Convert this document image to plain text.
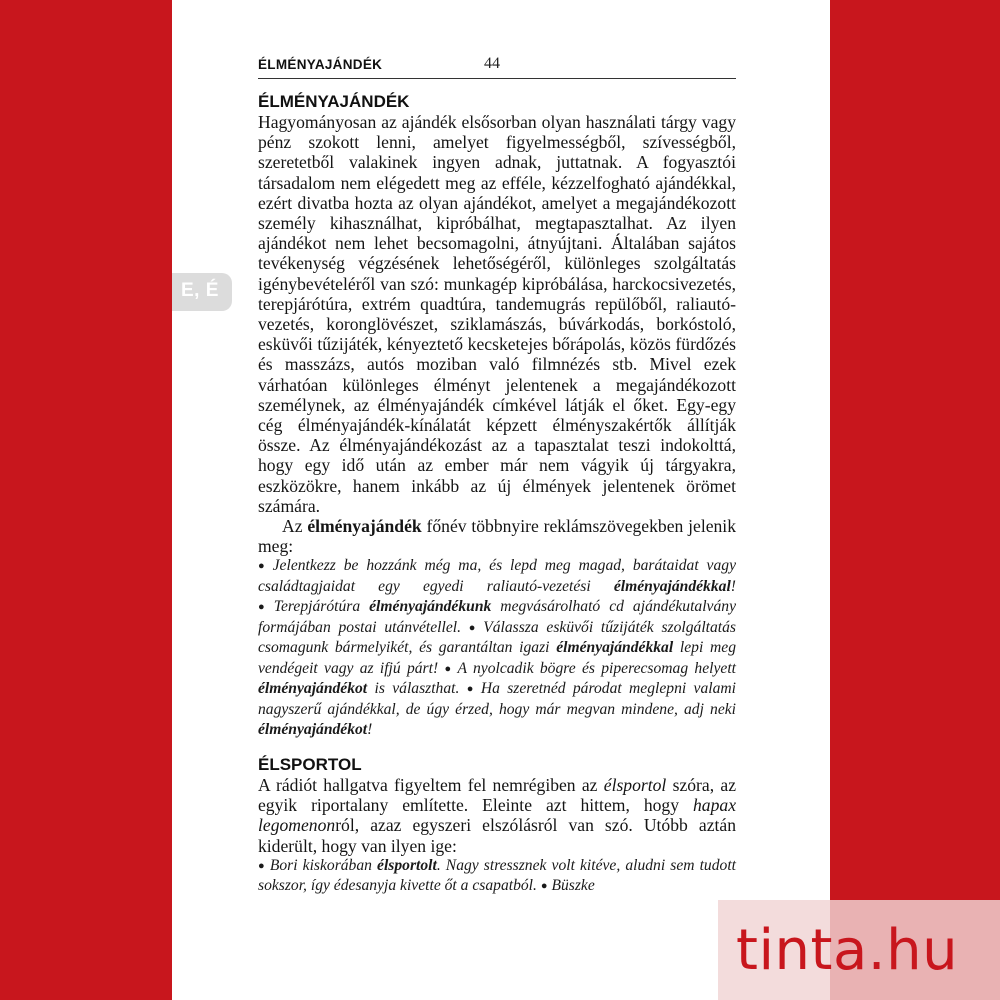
ÉLMÉNYAJÁNDÉK	44

ÉLMÉNYAJÁNDÉK

Hagyományosan az ajándék elsősorban olyan használati tárgy vagy pénz szokott lenni, amelyet figyelmességből, szívességből, szeretetből valakinek ingyen adnak, juttatnak. A fogyasztói társadalom nem elégedett meg az efféle, kézzelfogható ajándékkal, ezért divatba hozta az olyan ajándékot, amelyet a megajándékozott személy kihasználhat, kipróbálhat, megtapasztalhat. Az ilyen ajándékot nem lehet becsomagolni, átnyújtani. Általában sajátos tevékenység végzésének lehetőségéről, különleges szolgáltatás igénybevételéről van szó: munkagép kipróbálása, harckocsivezetés, terepjárótúra, extrém quadtúra, tandemugrás repülőből, raliautó-vezetés, koronglövészet, sziklamászás, búvárkodás, borkóstoló, esküvői tűzijáték, kényeztető kecsketejes bőrápolás, közös fürdőzés és masszázs, autós moziban való filmnézés stb. Mivel ezek várhatóan különleges élményt jelentenek a megajándékozott személynek, az élményajándék címkével látják el őket. Egy-egy cég élményajándék-kínálatát képzett élményszakértők állítják össze. Az élményajándékozást az a tapasztalat teszi indokolttá, hogy egy idő után az ember már nem vágyik új tárgyakra, eszközökre, hanem inkább az új élmények jelentenek örömet számára.

Az élményajándék főnév többnyire reklámszövegekben jelenik meg:

● Jelentkezz be hozzánk még ma, és lepd meg magad, barátaidat vagy családtagjaidat egy egyedi raliautó-vezetési élményajándékkal! ● Terepjárótúra élményajándékunk megvásárolható cd ajándékutalvány formájában postai utánvétellel. ● Válassza esküvői tűzijáték szolgáltatás csomagunk bármelyikét, és garantáltan igazi élményajándékkal lepi meg vendégeit vagy az ifjú párt! ● A nyolcadik bögre és piperecsomag helyett élményajándékot is választhat. ● Ha szeretnéd párodat meglepni valami nagyszerű ajándékkal, de úgy érzed, hogy már megvan mindene, adj neki élményajándékot!

ÉLSPORTOL

A rádiót hallgatva figyeltem fel nemrégiben az élsportol szóra, az egyik riportalany említette. Eleinte azt hittem, hogy hapax legomenonról, azaz egyszeri elszólásról van szó. Utóbb aztán kiderült, hogy van ilyen ige:

● Bori kiskorában élsportolt. Nagy stressznek volt kitéve, aludni sem tudott sokszor, így édesanyja kivette őt a csapatból. ● Büszke

E, É
tinta.hu
